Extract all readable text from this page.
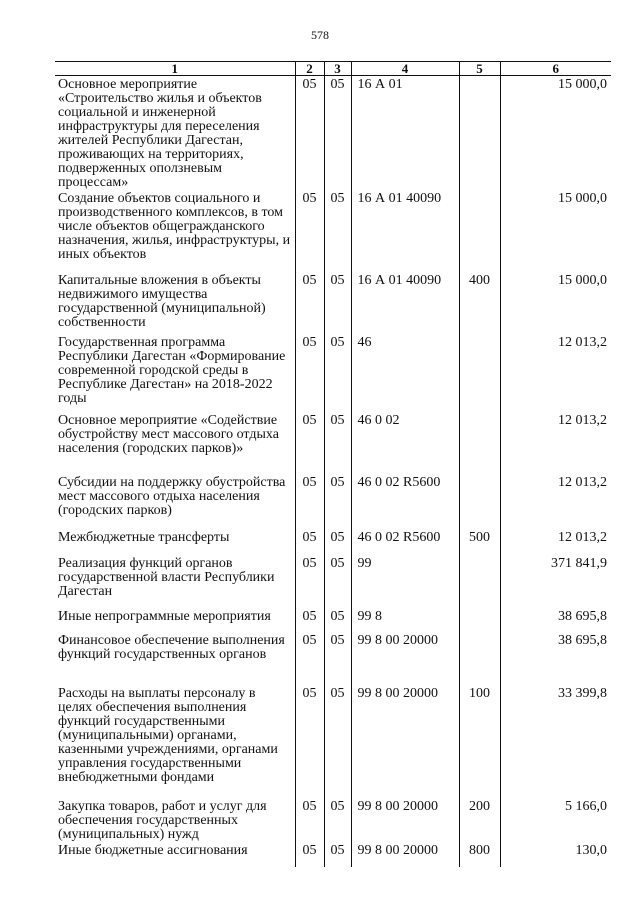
578
1	2	3	4	5	6
Основное мероприятие «Строительство жилья и объектов социальной и инженерной инфраструктуры для переселения жителей Республики Дагестан, проживающих на территориях, подверженных оползневым процессам»	05	05	16 А 01		15 000,0
Создание объектов социального и производственного комплексов, в том числе объектов общегражданского назначения, жилья, инфраструктуры, и иных объектов	05	05	16 А 01 40090		15 000,0
Капитальные вложения в объекты недвижимого имущества государственной (муниципальной) собственности	05	05	16 А 01 40090	400	15 000,0
Государственная программа Республики Дагестан «Формирование современной городской среды в Республике Дагестан» на 2018-2022 годы	05	05	46		12 013,2
Основное мероприятие «Содействие обустройству мест массового отдыха населения (городских парков)»	05	05	46 0 02		12 013,2
Субсидии на поддержку обустройства мест массового отдыха населения (городских парков)	05	05	46 0 02 R5600		12 013,2
Межбюджетные трансферты	05	05	46 0 02 R5600	500	12 013,2
Реализация функций органов государственной власти Республики Дагестан	05	05	99		371 841,9
Иные непрограммные мероприятия	05	05	99 8		38 695,8
Финансовое обеспечение выполнения функций государственных органов	05	05	99 8 00 20000		38 695,8
Расходы на выплаты персоналу в целях обеспечения выполнения функций государственными (муниципальными) органами, казенными учреждениями, органами управления государственными внебюджетными фондами	05	05	99 8 00 20000	100	33 399,8
Закупка товаров, работ и услуг для обеспечения государственных (муниципальных) нужд	05	05	99 8 00 20000	200	5 166,0
Иные бюджетные ассигнования	05	05	99 8 00 20000	800	130,0
